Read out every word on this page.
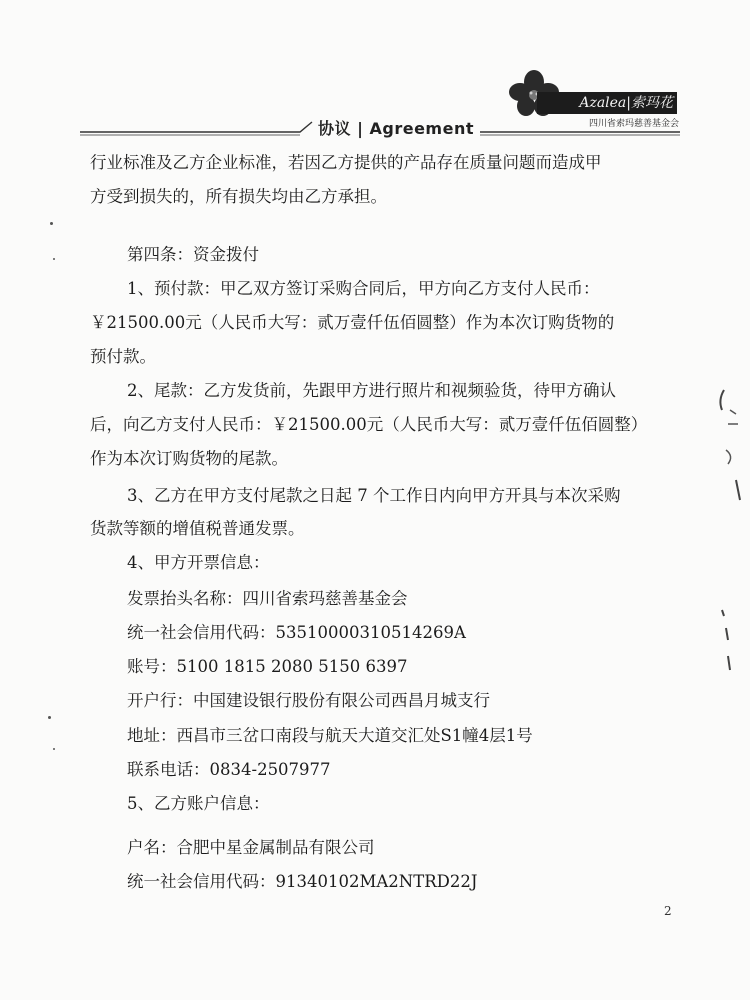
协议 | Agreement
Azalea|索玛花
四川省索玛慈善基金会
行业标准及乙方企业标准，若因乙方提供的产品存在质量问题而造成甲
方受到损失的，所有损失均由乙方承担。
第四条：资金拨付
1、预付款：甲乙双方签订采购合同后，甲方向乙方支付人民币：
￥21500.00元（人民币大写：贰万壹仟伍佰圆整）作为本次订购货物的
预付款。
2、尾款：乙方发货前，先跟甲方进行照片和视频验货，待甲方确认
后，向乙方支付人民币：￥21500.00元（人民币大写：贰万壹仟伍佰圆整）
作为本次订购货物的尾款。
3、乙方在甲方支付尾款之日起 7 个工作日内向甲方开具与本次采购
货款等额的增值税普通发票。
4、甲方开票信息：
发票抬头名称：四川省索玛慈善基金会
统一社会信用代码：53510000310514269A
账号：5100 1815 2080 5150 6397
开户行：中国建设银行股份有限公司西昌月城支行
地址：西昌市三岔口南段与航天大道交汇处S1幢4层1号
联系电话：0834-2507977
5、乙方账户信息：
户名：合肥中星金属制品有限公司
统一社会信用代码：91340102MA2NTRD22J
2
